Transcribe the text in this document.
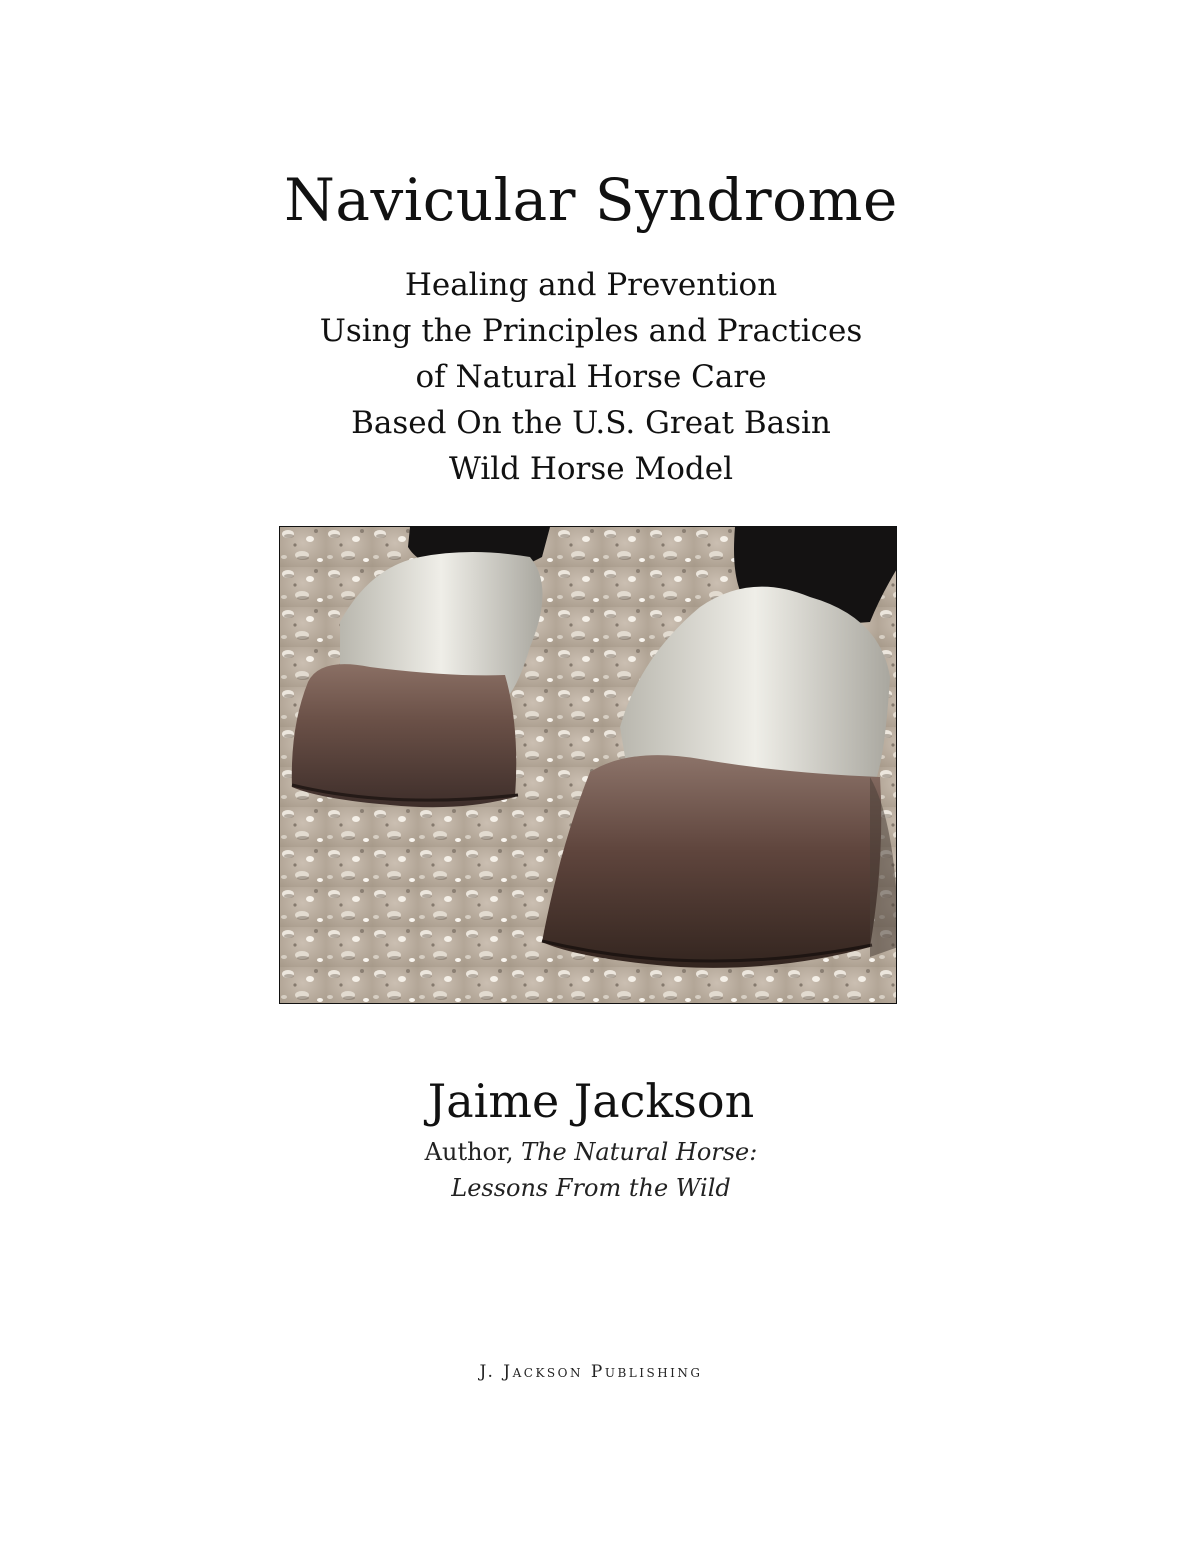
Navicular Syndrome
Healing and Prevention
Using the Principles and Practices
of Natural Horse Care
Based On the U.S. Great Basin
Wild Horse Model
Jaime Jackson
Author, The Natural Horse:
Lessons From the Wild
J. Jackson Publishing
